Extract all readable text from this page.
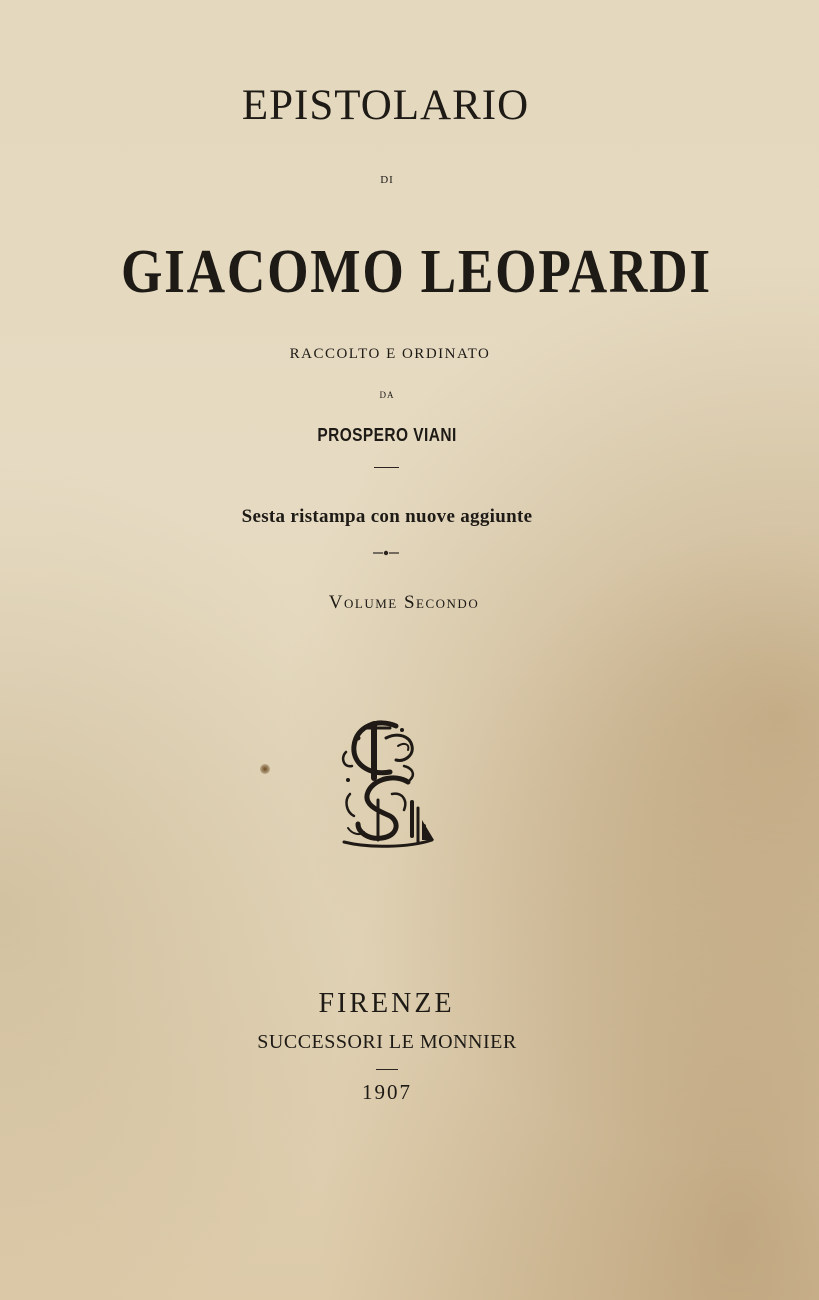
EPISTOLARIO
DI
GIACOMO LEOPARDI
RACCOLTO E ORDINATO
DA
PROSPERO VIANI
Sesta ristampa con nuove aggiunte
Volume Secondo
FIRENZE
SUCCESSORI LE MONNIER
1907
